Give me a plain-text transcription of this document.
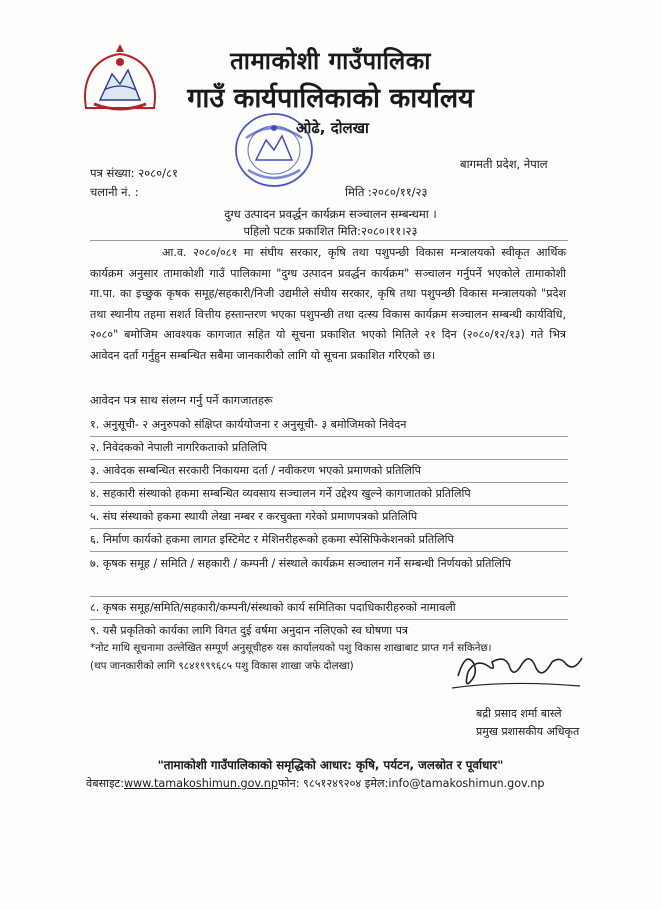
तामाकोशी गाउँपालिका
गाउँ कार्यपालिकाको कार्यालय
ओढे, दोलखा
बागमती प्रदेश, नेपाल
पत्र संख्या: २०८०/८१
चलानी नं. :	मिति :२०८०/११/२३
दुग्ध उत्पादन प्रवर्द्धन कार्यक्रम सञ्चालन सम्बन्धमा ।
पहिलो पटक प्रकाशित मिति:२०८०।११।२३
आ.व. २०८०/०८१ मा संघीय सरकार, कृषि तथा पशुपन्छी विकास मन्त्रालयको स्वीकृत आर्थिक कार्यक्रम अनुसार तामाकोशी गाउँ पालिकामा "दुग्ध उत्पादन प्रवर्द्धन कार्यक्रम" सञ्चालन गर्नुपर्ने भएकोले तामाकोशी गा.पा. का इच्छुक कृषक समूह/सहकारी/निजी उद्यमीले संघीय सरकार, कृषि तथा पशुपन्छी विकास मन्त्रालयको "प्रदेश तथा स्थानीय तहमा सशर्त वित्तीय हस्तान्तरण भएका पशुपन्छी तथा दत्स्य विकास कार्यक्रम सञ्चालन सम्बन्धी कार्यविधि, २०८०" बमोजिम आवश्यक कागजात सहित यो सूचना प्रकाशित भएको मितिले २१ दिन (२०८०/१२/१३) गते भित्र आवेदन दर्ता गर्नुहुन सम्बन्धित सबैमा जानकारीको लागि यो सूचना प्रकाशित गरिएको छ।
आवेदन पत्र साथ संलग्न गर्नु पर्ने कागजातहरू
१. अनुसूची- २ अनुरुपको संक्षिप्त कार्ययोजना र अनुसूची- ३ बमोजिमको निवेदन
२. निवेदकको नेपाली नागरिकताको प्रतिलिपि
३. आवेदक सम्बन्धित सरकारी निकायमा दर्ता / नवीकरण भएको प्रमाणको प्रतिलिपि
४. सहकारी संस्थाको हकमा सम्बन्धित व्यवसाय सञ्चालन गर्ने उद्देश्य खुल्ने कागजातको प्रतिलिपि
५. संघ संस्थाको हकमा स्थायी लेखा नम्बर र करचुक्ता गरेको प्रमाणपत्रको प्रतिलिपि
६. निर्माण कार्यको हकमा लागत इस्टिमेट र मेशिनरीहरूको हकमा स्पेसिफिकेशनको प्रतिलिपि
७. कृषक समूह / समिति / सहकारी / कम्पनी / संस्थाले कार्यक्रम सञ्चालन गर्ने सम्बन्धी निर्णयको प्रतिलिपि
८. कृषक समूह/समिति/सहकारी/कम्पनी/संस्थाको कार्य समितिका पदाधिकारीहरुको नामावली
९. यसै प्रकृतिको कार्यका लागि विगत दुई वर्षमा अनुदान नलिएको स्व घोषणा पत्र
*नोट माथि सूचनामा उल्लेखित सम्पूर्ण अनुसूचीहरु यस कार्यालयको पशु विकास शाखाबाट प्राप्त गर्न सकिनेछ।
(थप जानकारीको लागि ९८४१९९९६८५ पशु विकास शाखा जफे दोलखा)
बद्री प्रसाद शर्मा बास्ले
प्रमुख प्रशासकीय अधिकृत
"तामाकोशी गाउँपालिकाको समृद्धिको आधार: कृषि, पर्यटन, जलस्रोत र पूर्वाधार"
वेबसाइट:www.tamakoshimun.gov.npफोन: ९८५१२४९२०४ इमेल:info@tamakoshimun.gov.np
